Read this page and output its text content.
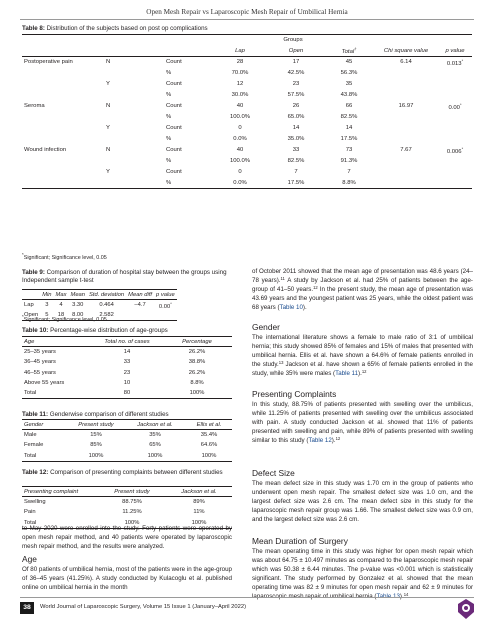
Open Mesh Repair vs Laparoscopic Mesh Repair of Umbilical Hernia
Table 8: Distribution of the subjects based on post op complications
			Groups				
			Lap	Open	Total†	Chi square value	p value
Postoperative pain	N	Count	28	17	45	6.14	0.013*
		%	70.0%	42.5%	56.3%		
	Y	Count	12	23	35		
		%	30.0%	57.5%	43.8%		
Seroma	N	Count	40	26	66	16.97	0.00*
		%	100.0%	65.0%	82.5%		
	Y	Count	0	14	14		
		%	0.0%	35.0%	17.5%		
Wound infection	N	Count	40	33	73	7.67	0.006*
		%	100.0%	82.5%	91.3%		
	Y	Count	0	7	7		
		%	0.0%	17.5%	8.8%		
*Significant; Significance level, 0.05
Table 9: Comparison of duration of hospital stay between the groups using Independent sample t-test
	Min	Max	Mean	Std. deviation	Mean diff	p value
Lap	3	4	3.30	0.464	–4.7	0.00*
Open	5	18	8.00	2.582		
*Significant; Significance level, 0.05
Table 10: Percentage-wise distribution of age-groups
Age	Total no. of cases	Percentage
25–35 years	14	26.2%
36–45 years	33	38.8%
46–55 years	23	26.2%
Above 55 years	10	8.8%
Total	80	100%
Table 11: Genderwise comparison of different studies
Gender	Present study	Jackson et al.	Ellis et al.
Male	15%	35%	35.4%
Female	85%	65%	64.6%
Total	100%	100%	100%
Table 12: Comparison of presenting complaints between different studies
Presenting complaint	Present study	Jackson et al.
Swelling	88.75%	89%
Pain	11.25%	11%
Total	100%	100%
to May 2020 were enrolled into the study. Forty patients were operated by open mesh repair method, and 40 patients were operated by laparoscopic mesh repair method, and the results were analyzed.
Age
Of 80 patients of umbilical hernia, most of the patients were in the age-group of 36–45 years (41.25%). A study conducted by Kulacoglu et al. published online on umbilical hernia in the month
of October 2011 showed that the mean age of presentation was 48.6 years (24–78 years).$^{11}$ A study by Jackson et al. had 25% of patients between the age-group of 41–50 years.$^{12}$ In the present study, the mean age of presentation was 43.69 years and the youngest patient was 25 years, while the oldest patient was 68 years (Table 10).
Gender
The international literature shows a female to male ratio of 3:1 of umbilical hernia; this study showed 85% of females and 15% of males that presented with umbilical hernia. Ellis et al. have shown a 64.6% of female patients enrolled in the study.$^{13}$ Jackson et al. have shown a 65% of female patients enrolled in the study, while 35% were males (Table 11).$^{12}$
Presenting Complaints
In this study, 88.75% of patients presented with swelling over the umbilicus, while 11.25% of patients presented with swelling over the umbilicus associated with pain. A study conducted Jackson et al. showed that 11% of patients presented with swelling and pain, while 89% of patients presented with swelling similar to this study (Table 12).$^{12}$
Defect Size
The mean defect size in this study was 1.70 cm in the group of patients who underwent open mesh repair. The smallest defect size was 1.0 cm, and the largest defect size was 2.6 cm. The mean defect size in this study for the laparoscopic mesh repair group was 1.66. The smallest defect size was 0.9 cm, and the largest defect size was 2.6 cm.
Mean Duration of Surgery
The mean operating time in this study was higher for open mesh repair which was about 64.75 ± 10.497 minutes as compared to the laparoscopic mesh repair which was 50.38 ± 6.44 minutes. The p-value was <0.001 which is statistically significant. The study performed by Gonzalez et al. showed that the mean operating time was 82 ± 9 minutes for open mesh repair and 62 ± 9 minutes for laparoscopic mesh repair of umbilical hernia (Table 13).$^{14}$
38	World Journal of Laparoscopic Surgery, Volume 15 Issue 1 (January–April 2022)
